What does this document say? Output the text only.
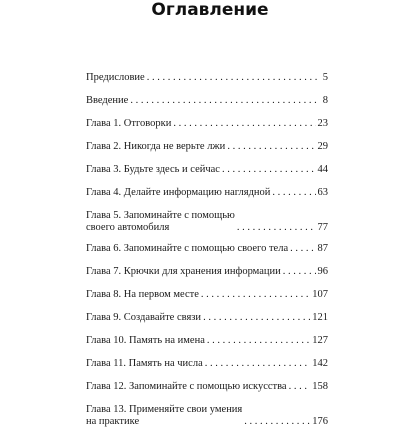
Оглавление
Предисловие . . .	5
Введение . . .	8
Глава 1. Отговорки . . .	23
Глава 2. Никогда не верьте лжи . . .	29
Глава 3. Будьте здесь и сейчас . . .	44
Глава 4. Делайте информацию наглядной . . .	63
Глава 5. Запоминайте с помощью
своего автомобиля . . .	77
Глава 6. Запоминайте с помощью своего тела . . .	87
Глава 7. Крючки для хранения информации . . .	96
Глава 8. На первом месте . . .	107
Глава 9. Создавайте связи . . .	121
Глава 10. Память на имена . . .	127
Глава 11. Память на числа . . .	142
Глава 12. Запоминайте с помощью искусства . . . 158
Глава 13. Применяйте свои умения
на практике . . .	176
